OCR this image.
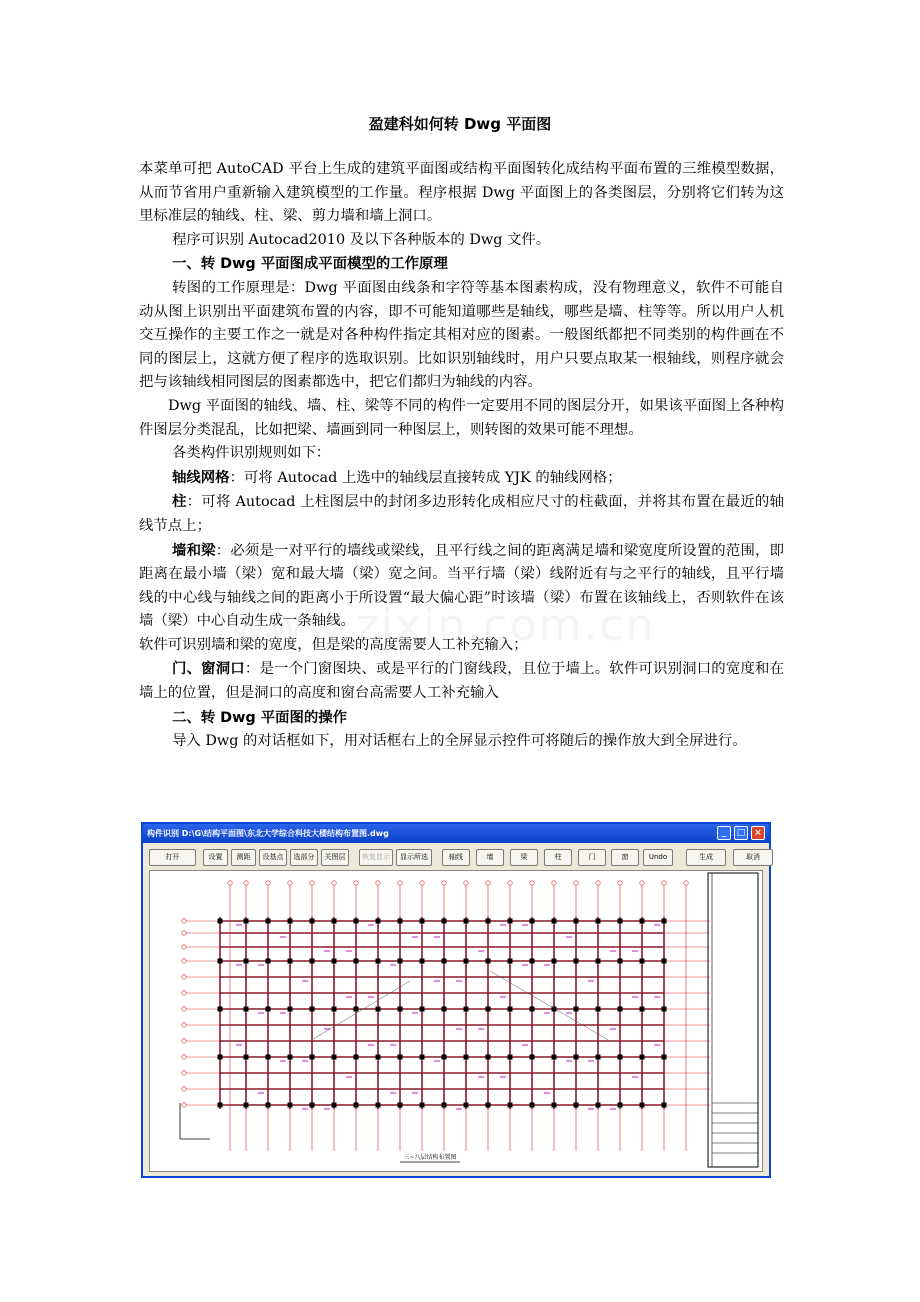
盈建科如何转 Dwg 平面图

本菜单可把 AutoCAD 平台上生成的建筑平面图或结构平面图转化成结构平面布置的三维模型数据，从而节省用户重新输入建筑模型的工作量。程序根据 Dwg 平面图上的各类图层，分别将它们转为这里标准层的轴线、柱、梁、剪力墙和墙上洞口。

程序可识别 Autocad2010 及以下各种版本的 Dwg 文件。

一、转 Dwg 平面图成平面模型的工作原理

转图的工作原理是：Dwg 平面图由线条和字符等基本图素构成，没有物理意义，软件不可能自动从图上识别出平面建筑布置的内容，即不可能知道哪些是轴线，哪些是墙、柱等等。所以用户人机交互操作的主要工作之一就是对各种构件指定其相对应的图素。一般图纸都把不同类别的构件画在不同的图层上，这就方便了程序的选取识别。比如识别轴线时，用户只要点取某一根轴线，则程序就会把与该轴线相同图层的图素都选中，把它们都归为轴线的内容。

Dwg 平面图的轴线、墙、柱、梁等不同的构件一定要用不同的图层分开，如果该平面图上各种构件图层分类混乱，比如把梁、墙画到同一种图层上，则转图的效果可能不理想。

各类构件识别规则如下：

轴线网格：可将 Autocad 上选中的轴线层直接转成 YJK 的轴线网格；

柱：可将 Autocad 上柱图层中的封闭多边形转化成相应尺寸的柱截面，并将其布置在最近的轴线节点上；

墙和梁：必须是一对平行的墙线或梁线，且平行线之间的距离满足墙和梁宽度所设置的范围，即距离在最小墙（梁）宽和最大墙（梁）宽之间。当平行墙（梁）线附近有与之平行的轴线，且平行墙线的中心线与轴线之间的距离小于所设置“最大偏心距”时该墙（梁）布置在该轴线上，否则软件在该墙（梁）中心自动生成一条轴线。

软件可识别墙和梁的宽度，但是梁的高度需要人工补充输入；

门、窗洞口：是一个门窗图块、或是平行的门窗线段，且位于墙上。软件可识别洞口的宽度和在墙上的位置，但是洞口的高度和窗台高需要人工补充输入

二、转 Dwg 平面图的操作

导入 Dwg 的对话框如下，用对话框右上的全屏显示控件可将随后的操作放大到全屏进行。

构件识别 D:\G\结构平面图\东北大学综合科技大楼结构布置图.dwg	_	□ ×
打开	设置	测距	设基点	选部分	关图层	恢复显示	显示所选	轴线	墙	梁	柱	门	窗	Undo	生成	取消
三~八层结构布置图
